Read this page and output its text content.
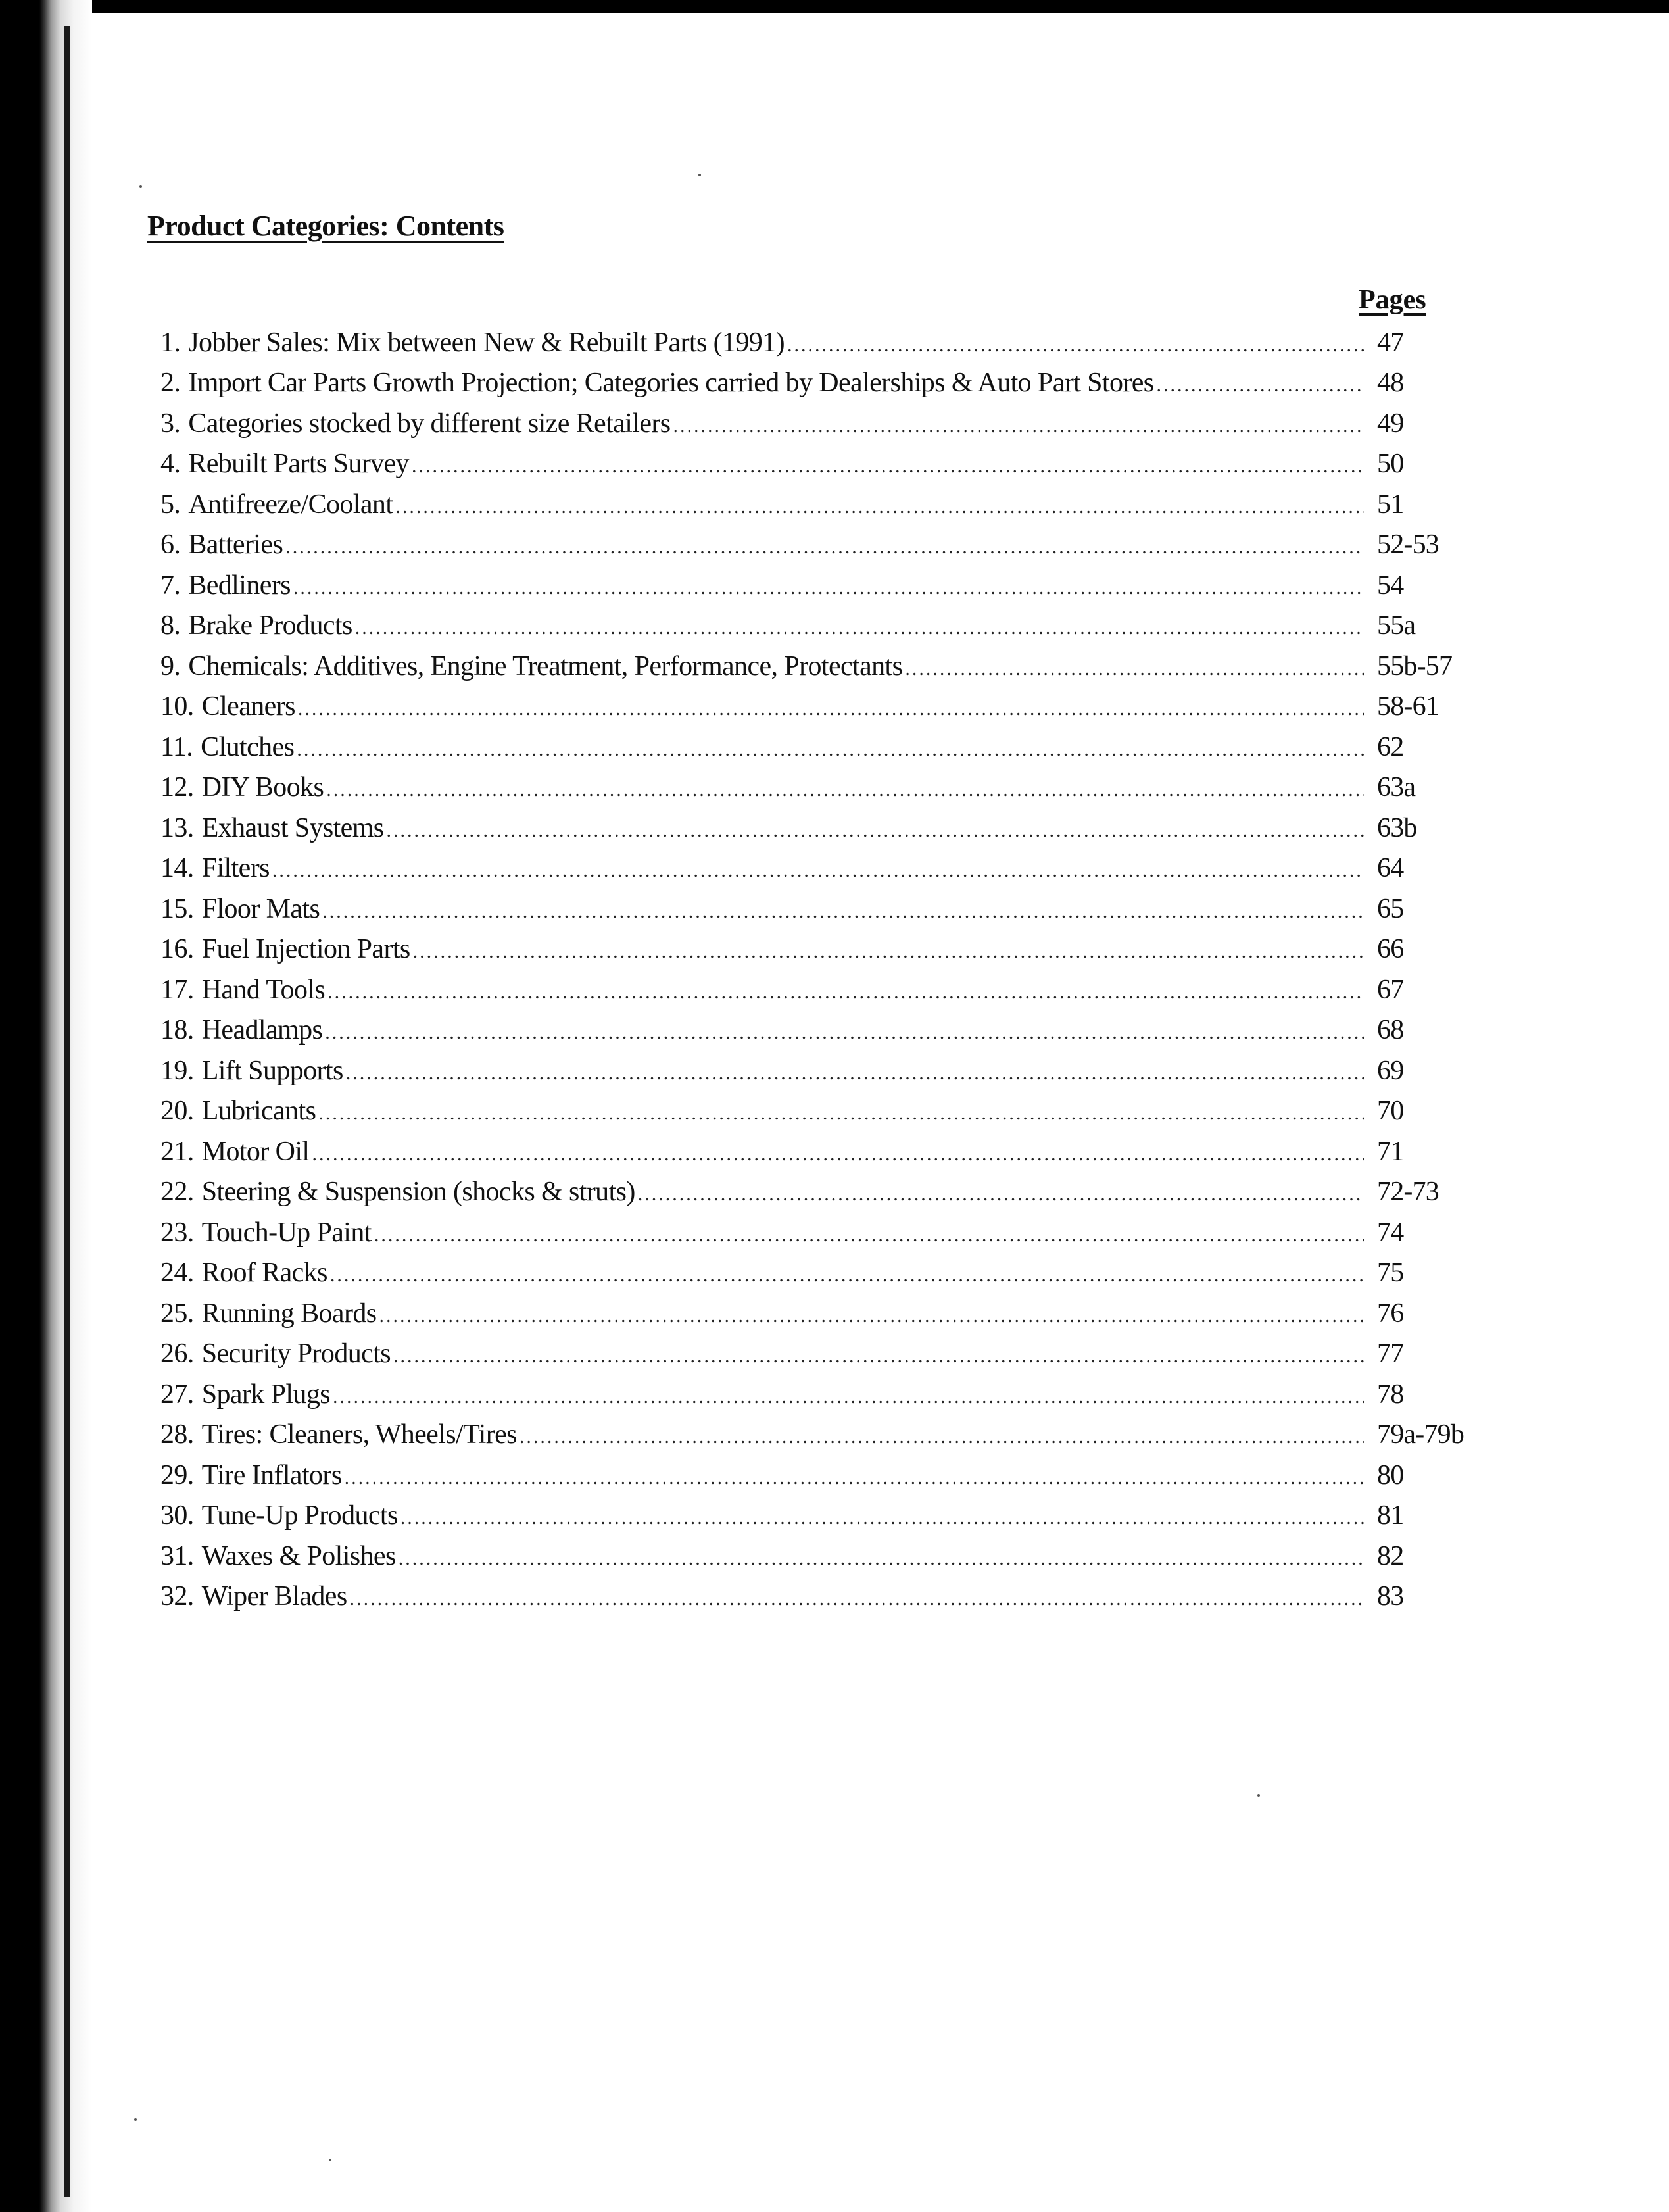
Product Categories: Contents
Pages
1. Jobber Sales: Mix between New & Rebuilt Parts (1991) .....	47
2. Import Car Parts Growth Projection; Categories carried by Dealerships & Auto Part Stores .....	48
3. Categories stocked by different size Retailers .....	49
4. Rebuilt Parts Survey .....	50
5. Antifreeze/Coolant .....	51
6. Batteries .....	52-53
7. Bedliners .....	54
8. Brake Products .....	55a
9. Chemicals: Additives, Engine Treatment, Performance, Protectants .....	55b-57
10. Cleaners .....	58-61
11. Clutches .....	62
12. DIY Books .....	63a
13. Exhaust Systems .....	63b
14. Filters .....	64
15. Floor Mats .....	65
16. Fuel Injection Parts .....	66
17. Hand Tools .....	67
18. Headlamps .....	68
19. Lift Supports .....	69
20. Lubricants .....	70
21. Motor Oil .....	71
22. Steering & Suspension (shocks & struts) .....	72-73
23. Touch-Up Paint .....	74
24. Roof Racks .....	75
25. Running Boards .....	76
26. Security Products .....	77
27. Spark Plugs .....	78
28. Tires: Cleaners, Wheels/Tires .....	79a-79b
29. Tire Inflators .....	80
30. Tune-Up Products .....	81
31. Waxes & Polishes .....	82
32. Wiper Blades .....	83
